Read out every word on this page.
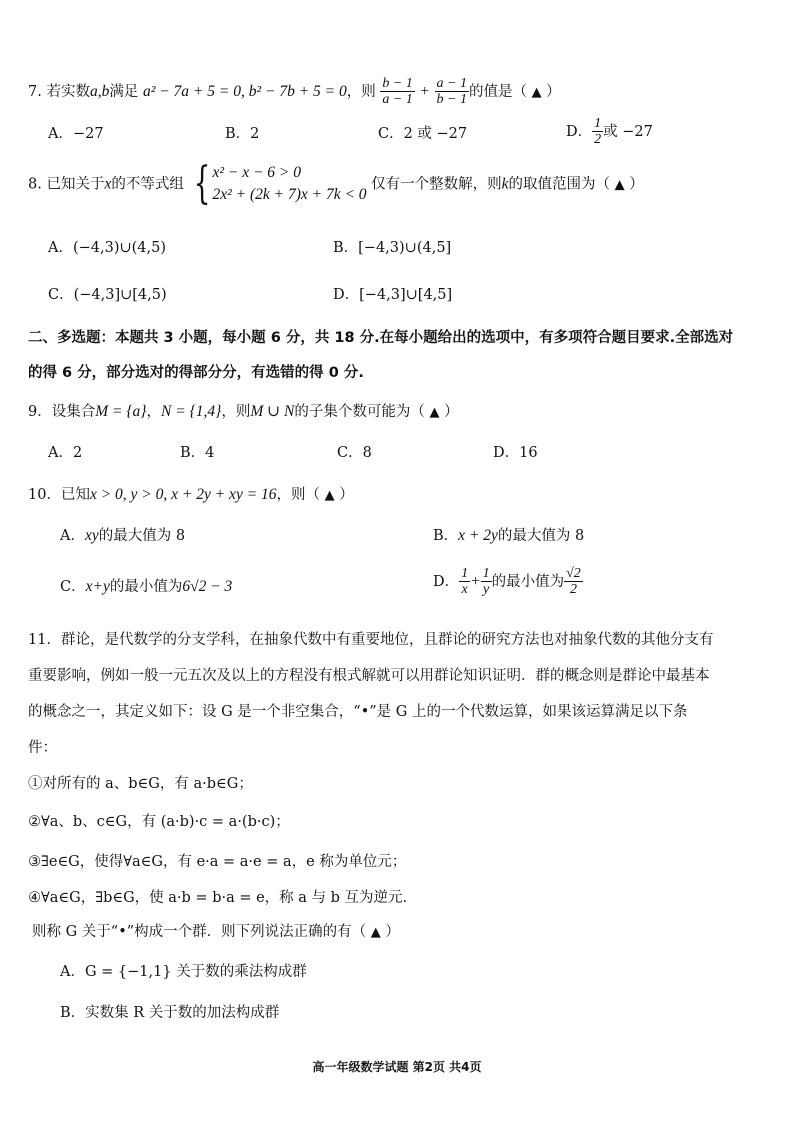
7. 若实数a,b满足 a² − 7a + 5 = 0, b² − 7b + 5 = 0，则 $\frac{b - 1}{a - 1} + \frac{a - 1}{b - 1}$ 的值是（ ▲ ）
A．−27	B．2	C．2 或 −27	D． $\frac{1}{2}$ 或 −27
8. 已知关于x的不等式组 { x² − x − 6 > 0
2x² + (2k + 7)x + 7k < 0
仅有一个整数解，则k的取值范围为（ ▲ ）
A．(−4,3)∪(4,5)	B．[−4,3)∪(4,5]
C．(−4,3]∪[4,5)	D．[−4,3]∪[4,5]
二、多选题：本题共 3 小题，每小题 6 分，共 18 分.在每小题给出的选项中，有多项符合题目要求.全部选对
的得 6 分，部分选对的得部分分，有选错的得 0 分.
9．设集合M = {a}，N = {1,4}，则M ∪ N的子集个数可能为（ ▲ ）
A．2	B．4	C．8	D．16
10．已知x > 0, y > 0, x + 2y + xy = 16，则（ ▲ ）
A．xy的最大值为 8	B．x + 2y的最大值为 8
C．x+y的最小值为6√2 − 3	D． $\frac{1}{x} + \frac{1}{y}$ 的最小值为 $\frac{√2}{2}$
11．群论，是代数学的分支学科，在抽象代数中有重要地位，且群论的研究方法也对抽象代数的其他分支有
重要影响，例如一般一元五次及以上的方程没有根式解就可以用群论知识证明．群的概念则是群论中最基本
的概念之一，其定义如下：设 G 是一个非空集合，“•”是 G 上的一个代数运算，如果该运算满足以下条
件：
①对所有的 a、b∈G，有 a·b∈G；
②∀a、b、c∈G，有 (a·b)·c = a·(b·c)；
③∃e∈G，使得∀a∈G，有 e·a = a·e = a，e 称为单位元；
④∀a∈G，∃b∈G，使 a·b = b·a = e，称 a 与 b 互为逆元.
则称 G 关于“•”构成一个群．则下列说法正确的有（ ▲ ）
A．G = {−1,1} 关于数的乘法构成群
B．实数集 R 关于数的加法构成群
高一年级数学试题 第2页 共4页
